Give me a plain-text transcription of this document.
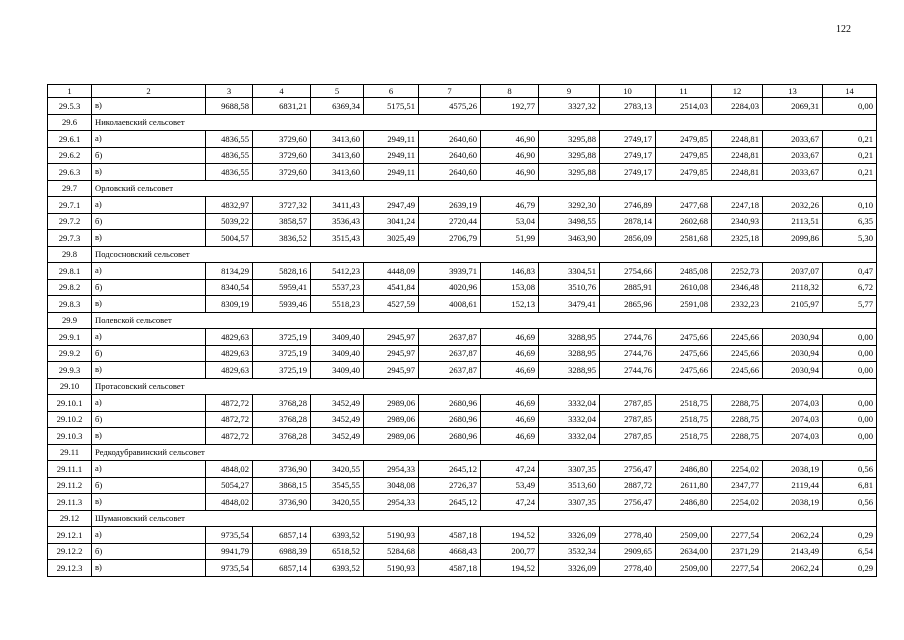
122
1	2	3	4	5	6	7	8	9	10	11	12	13	14
29.5.3	в)	9688,58	6831,21	6369,34	5175,51	4575,26	192,77	3327,32	2783,13	2514,03	2284,03	2069,31	0,00
29.6	Николаевский сельсовет												
29.6.1	а)	4836,55	3729,60	3413,60	2949,11	2640,60	46,90	3295,88	2749,17	2479,85	2248,81	2033,67	0,21
29.6.2	б)	4836,55	3729,60	3413,60	2949,11	2640,60	46,90	3295,88	2749,17	2479,85	2248,81	2033,67	0,21
29.6.3	в)	4836,55	3729,60	3413,60	2949,11	2640,60	46,90	3295,88	2749,17	2479,85	2248,81	2033,67	0,21
29.7	Орловский сельсовет												
29.7.1	а)	4832,97	3727,32	3411,43	2947,49	2639,19	46,79	3292,30	2746,89	2477,68	2247,18	2032,26	0,10
29.7.2	б)	5039,22	3858,57	3536,43	3041,24	2720,44	53,04	3498,55	2878,14	2602,68	2340,93	2113,51	6,35
29.7.3	в)	5004,57	3836,52	3515,43	3025,49	2706,79	51,99	3463,90	2856,09	2581,68	2325,18	2099,86	5,30
29.8	Подсосновский сельсовет												
29.8.1	а)	8134,29	5828,16	5412,23	4448,09	3939,71	146,83	3304,51	2754,66	2485,08	2252,73	2037,07	0,47
29.8.2	б)	8340,54	5959,41	5537,23	4541,84	4020,96	153,08	3510,76	2885,91	2610,08	2346,48	2118,32	6,72
29.8.3	в)	8309,19	5939,46	5518,23	4527,59	4008,61	152,13	3479,41	2865,96	2591,08	2332,23	2105,97	5,77
29.9	Полевской сельсовет												
29.9.1	а)	4829,63	3725,19	3409,40	2945,97	2637,87	46,69	3288,95	2744,76	2475,66	2245,66	2030,94	0,00
29.9.2	б)	4829,63	3725,19	3409,40	2945,97	2637,87	46,69	3288,95	2744,76	2475,66	2245,66	2030,94	0,00
29.9.3	в)	4829,63	3725,19	3409,40	2945,97	2637,87	46,69	3288,95	2744,76	2475,66	2245,66	2030,94	0,00
29.10	Протасовский сельсовет												
29.10.1	а)	4872,72	3768,28	3452,49	2989,06	2680,96	46,69	3332,04	2787,85	2518,75	2288,75	2074,03	0,00
29.10.2	б)	4872,72	3768,28	3452,49	2989,06	2680,96	46,69	3332,04	2787,85	2518,75	2288,75	2074,03	0,00
29.10.3	в)	4872,72	3768,28	3452,49	2989,06	2680,96	46,69	3332,04	2787,85	2518,75	2288,75	2074,03	0,00
29.11	Редкодубравинский сельсовет												
29.11.1	а)	4848,02	3736,90	3420,55	2954,33	2645,12	47,24	3307,35	2756,47	2486,80	2254,02	2038,19	0,56
29.11.2	б)	5054,27	3868,15	3545,55	3048,08	2726,37	53,49	3513,60	2887,72	2611,80	2347,77	2119,44	6,81
29.11.3	в)	4848,02	3736,90	3420,55	2954,33	2645,12	47,24	3307,35	2756,47	2486,80	2254,02	2038,19	0,56
29.12	Шумановский сельсовет												
29.12.1	а)	9735,54	6857,14	6393,52	5190,93	4587,18	194,52	3326,09	2778,40	2509,00	2277,54	2062,24	0,29
29.12.2	б)	9941,79	6988,39	6518,52	5284,68	4668,43	200,77	3532,34	2909,65	2634,00	2371,29	2143,49	6,54
29.12.3	в)	9735,54	6857,14	6393,52	5190,93	4587,18	194,52	3326,09	2778,40	2509,00	2277,54	2062,24	0,29
